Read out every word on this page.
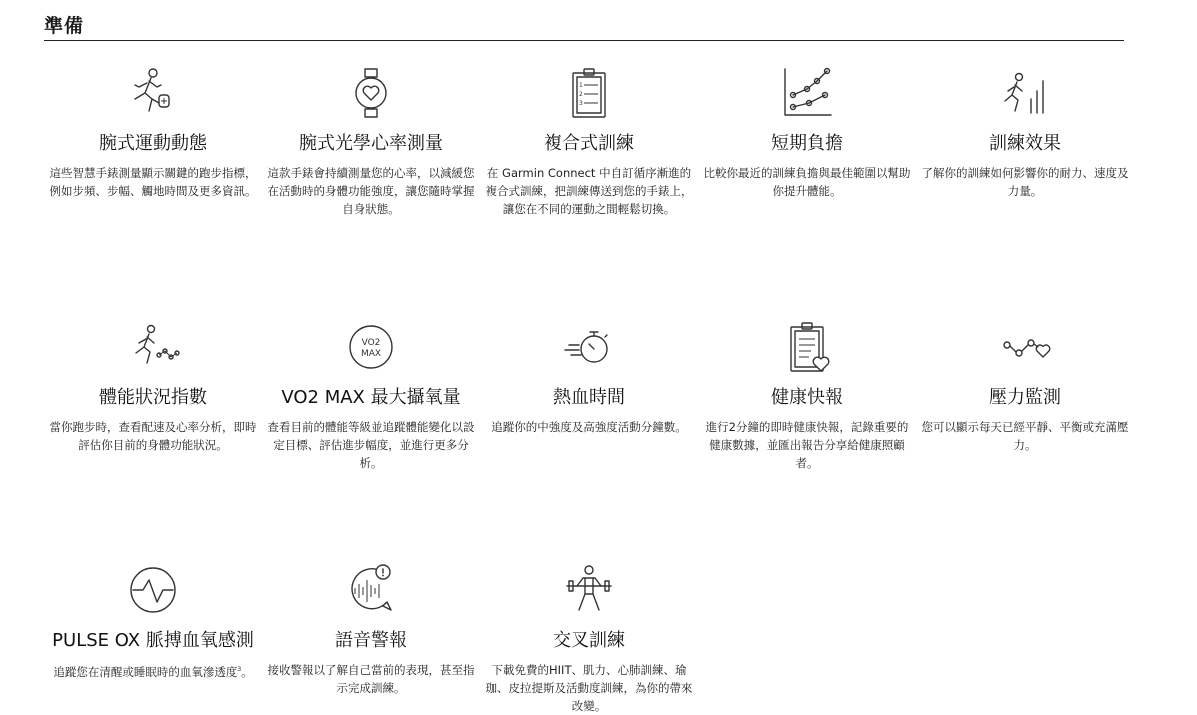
準備
腕式運動動態
這些智慧手錶測量顯示關鍵的跑步指標，例如步頻、步幅、觸地時間及更多資訊。
腕式光學心率測量
這款手錶會持續測量您的心率，以減緩您在活動時的身體功能強度，讓您隨時掌握自身狀態。
1
2
3
複合式訓練
在 Garmin Connect 中自訂循序漸進的複合式訓練，把訓練傳送到您的手錶上，讓您在不同的運動之間輕鬆切換。
短期負擔
比較你最近的訓練負擔與最佳範圍以幫助你提升體能。
訓練效果
了解你的訓練如何影響你的耐力、速度及力量。
體能狀況指數
當你跑步時，查看配速及心率分析，即時評估你目前的身體功能狀況。
VO2
MAX
VO2 MAX 最大攝氧量
查看目前的體能等級並追蹤體能變化以設定目標、評估進步幅度，並進行更多分析。
熱血時間
追蹤你的中強度及高強度活動分鐘數。
健康快報
進行2分鐘的即時健康快報，記錄重要的健康數據，並匯出報告分享給健康照顧者。
壓力監測
您可以顯示每天已經平靜、平衡或充滿壓力。
PULSE OX 脈搏血氧感測
追蹤您在清醒或睡眠時的血氧滲透度$^3$。
語音警報
接收警報以了解自己當前的表現，甚至指示完成訓練。
交叉訓練
下載免費的HIIT、肌力、心肺訓練、瑜珈、皮拉提斯及活動度訓練，為你的帶來改變。
